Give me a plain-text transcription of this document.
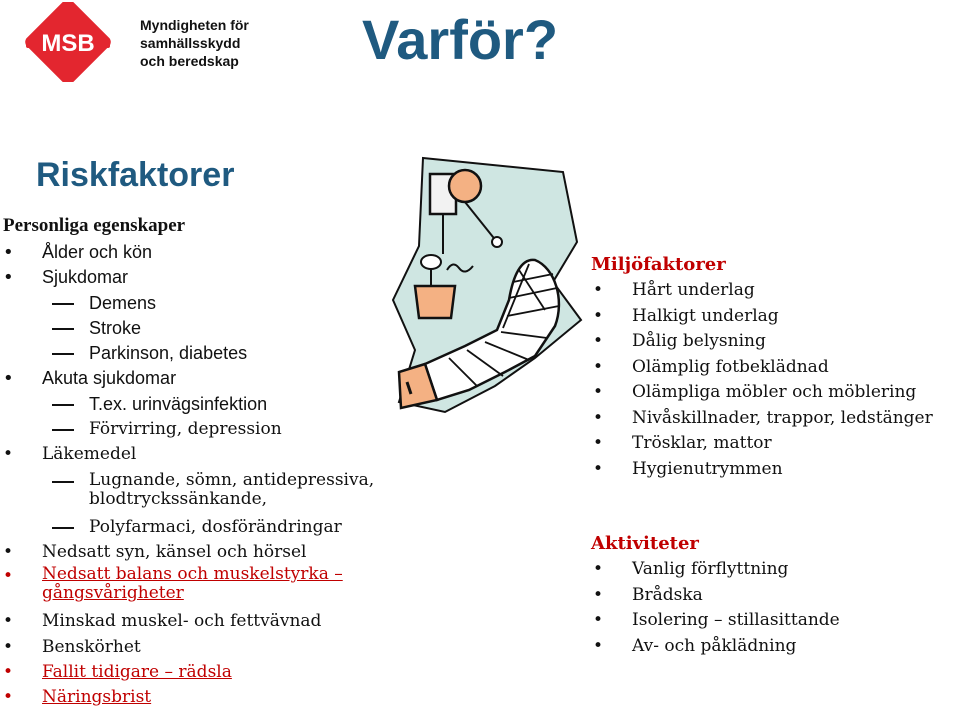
MSB
Myndigheten för
samhällsskydd
och beredskap	Varför?
Riskfaktorer
Personliga egenskaper
• Ålder och kön
• Sjukdomar
Demens
Stroke
Parkinson, diabetes
• Akuta sjukdomar
T.ex. urinvägsinfektion
Förvirring, depression
• Läkemedel
Lugnande, sömn, antidepressiva, blodtryckssänkande,
Polyfarmaci, dosförändringar
• Nedsatt syn, känsel och hörsel
• Nedsatt balans och muskelstyrka – gångsvårigheter
• Minskad muskel- och fettvävnad
• Benskörhet
• Fallit tidigare – rädsla
• Näringsbrist
Miljöfaktorer
• Hårt underlag
• Halkigt underlag
• Dålig belysning
• Olämplig fotbeklädnad
• Olämpliga möbler och möblering
• Nivåskillnader, trappor, ledstänger
• Trösklar, mattor
• Hygienutrymmen
Aktiviteter
• Vanlig förflyttning
• Brådska
• Isolering – stillasittande
• Av- och påklädning
